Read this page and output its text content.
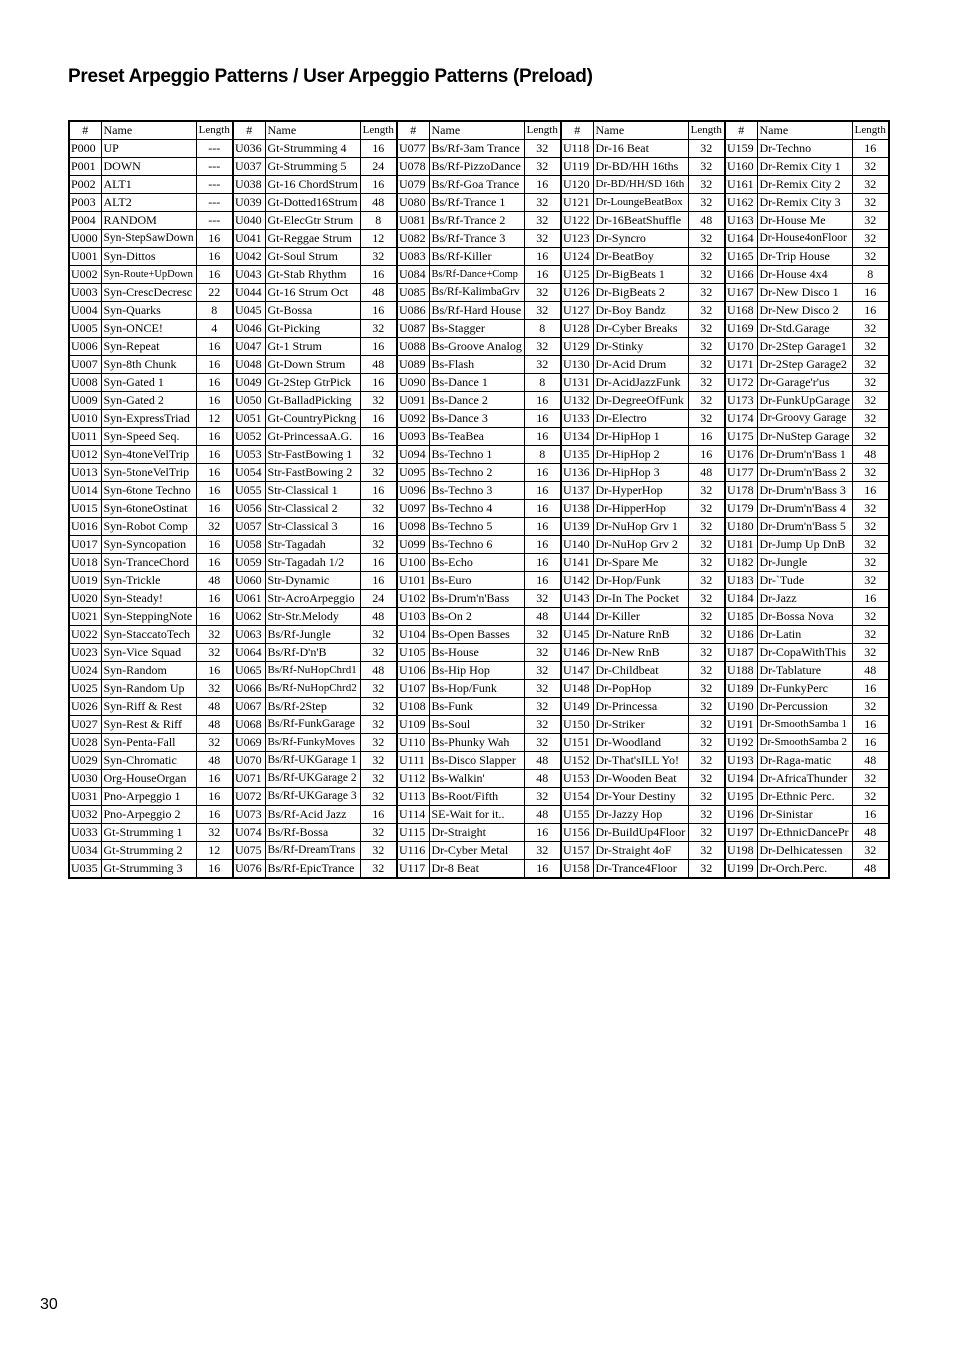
Preset Arpeggio Patterns / User Arpeggio Patterns (Preload)
#	Name	Length	#	Name	Length	#	Name	Length	#	Name	Length	#	Name	Length
P000	UP	---	U036	Gt-Strumming 4	16	U077	Bs/Rf-3am Trance	32	U118	Dr-16 Beat	32	U159	Dr-Techno	16
P001	DOWN	---	U037	Gt-Strumming 5	24	U078	Bs/Rf-PizzoDance	32	U119	Dr-BD/HH 16ths	32	U160	Dr-Remix City 1	32
P002	ALT1	---	U038	Gt-16 ChordStrum	16	U079	Bs/Rf-Goa Trance	16	U120	Dr-BD/HH/SD 16th	32	U161	Dr-Remix City 2	32
P003	ALT2	---	U039	Gt-Dotted16Strum	48	U080	Bs/Rf-Trance 1	32	U121	Dr-LoungeBeatBox	32	U162	Dr-Remix City 3	32
P004	RANDOM	---	U040	Gt-ElecGtr Strum	8	U081	Bs/Rf-Trance 2	32	U122	Dr-16BeatShuffle	48	U163	Dr-House Me	32
U000	Syn-StepSawDown	16	U041	Gt-Reggae Strum	12	U082	Bs/Rf-Trance 3	32	U123	Dr-Syncro	32	U164	Dr-House4onFloor	32
U001	Syn-Dittos	16	U042	Gt-Soul Strum	32	U083	Bs/Rf-Killer	16	U124	Dr-BeatBoy	32	U165	Dr-Trip House	32
U002	Syn-Route+UpDown	16	U043	Gt-Stab Rhythm	16	U084	Bs/Rf-Dance+Comp	16	U125	Dr-BigBeats 1	32	U166	Dr-House 4x4	8
U003	Syn-CrescDecresc	22	U044	Gt-16 Strum Oct	48	U085	Bs/Rf-KalimbaGrv	32	U126	Dr-BigBeats 2	32	U167	Dr-New Disco 1	16
U004	Syn-Quarks	8	U045	Gt-Bossa	16	U086	Bs/Rf-Hard House	32	U127	Dr-Boy Bandz	32	U168	Dr-New Disco 2	16
U005	Syn-ONCE!	4	U046	Gt-Picking	32	U087	Bs-Stagger	8	U128	Dr-Cyber Breaks	32	U169	Dr-Std.Garage	32
U006	Syn-Repeat	16	U047	Gt-1 Strum	16	U088	Bs-Groove Analog	32	U129	Dr-Stinky	32	U170	Dr-2Step Garage1	32
U007	Syn-8th Chunk	16	U048	Gt-Down Strum	48	U089	Bs-Flash	32	U130	Dr-Acid Drum	32	U171	Dr-2Step Garage2	32
U008	Syn-Gated 1	16	U049	Gt-2Step GtrPick	16	U090	Bs-Dance 1	8	U131	Dr-AcidJazzFunk	32	U172	Dr-Garage'r'us	32
U009	Syn-Gated 2	16	U050	Gt-BalladPicking	32	U091	Bs-Dance 2	16	U132	Dr-DegreeOfFunk	32	U173	Dr-FunkUpGarage	32
U010	Syn-ExpressTriad	12	U051	Gt-CountryPickng	16	U092	Bs-Dance 3	16	U133	Dr-Electro	32	U174	Dr-Groovy Garage	32
U011	Syn-Speed Seq.	16	U052	Gt-PrincessaA.G.	16	U093	Bs-TeaBea	16	U134	Dr-HipHop 1	16	U175	Dr-NuStep Garage	32
U012	Syn-4toneVelTrip	16	U053	Str-FastBowing 1	32	U094	Bs-Techno 1	8	U135	Dr-HipHop 2	16	U176	Dr-Drum'n'Bass 1	48
U013	Syn-5toneVelTrip	16	U054	Str-FastBowing 2	32	U095	Bs-Techno 2	16	U136	Dr-HipHop 3	48	U177	Dr-Drum'n'Bass 2	32
U014	Syn-6tone Techno	16	U055	Str-Classical 1	16	U096	Bs-Techno 3	16	U137	Dr-HyperHop	32	U178	Dr-Drum'n'Bass 3	16
U015	Syn-6toneOstinat	16	U056	Str-Classical 2	32	U097	Bs-Techno 4	16	U138	Dr-HipperHop	32	U179	Dr-Drum'n'Bass 4	32
U016	Syn-Robot Comp	32	U057	Str-Classical 3	16	U098	Bs-Techno 5	16	U139	Dr-NuHop Grv 1	32	U180	Dr-Drum'n'Bass 5	32
U017	Syn-Syncopation	16	U058	Str-Tagadah	32	U099	Bs-Techno 6	16	U140	Dr-NuHop Grv 2	32	U181	Dr-Jump Up DnB	32
U018	Syn-TranceChord	16	U059	Str-Tagadah 1/2	16	U100	Bs-Echo	16	U141	Dr-Spare Me	32	U182	Dr-Jungle	32
U019	Syn-Trickle	48	U060	Str-Dynamic	16	U101	Bs-Euro	16	U142	Dr-Hop/Funk	32	U183	Dr-`Tude	32
U020	Syn-Steady!	16	U061	Str-AcroArpeggio	24	U102	Bs-Drum'n'Bass	32	U143	Dr-In The Pocket	32	U184	Dr-Jazz	16
U021	Syn-SteppingNote	16	U062	Str-Str.Melody	48	U103	Bs-On 2	48	U144	Dr-Killer	32	U185	Dr-Bossa Nova	32
U022	Syn-StaccatoTech	32	U063	Bs/Rf-Jungle	32	U104	Bs-Open Basses	32	U145	Dr-Nature RnB	32	U186	Dr-Latin	32
U023	Syn-Vice Squad	32	U064	Bs/Rf-D'n'B	32	U105	Bs-House	32	U146	Dr-New RnB	32	U187	Dr-CopaWithThis	32
U024	Syn-Random	16	U065	Bs/Rf-NuHopChrd1	48	U106	Bs-Hip Hop	32	U147	Dr-Childbeat	32	U188	Dr-Tablature	48
U025	Syn-Random Up	32	U066	Bs/Rf-NuHopChrd2	32	U107	Bs-Hop/Funk	32	U148	Dr-PopHop	32	U189	Dr-FunkyPerc	16
U026	Syn-Riff & Rest	48	U067	Bs/Rf-2Step	32	U108	Bs-Funk	32	U149	Dr-Princessa	32	U190	Dr-Percussion	32
U027	Syn-Rest & Riff	48	U068	Bs/Rf-FunkGarage	32	U109	Bs-Soul	32	U150	Dr-Striker	32	U191	Dr-SmoothSamba 1	16
U028	Syn-Penta-Fall	32	U069	Bs/Rf-FunkyMoves	32	U110	Bs-Phunky Wah	32	U151	Dr-Woodland	32	U192	Dr-SmoothSamba 2	16
U029	Syn-Chromatic	48	U070	Bs/Rf-UKGarage 1	32	U111	Bs-Disco Slapper	48	U152	Dr-That'sILL Yo!	32	U193	Dr-Raga-matic	48
U030	Org-HouseOrgan	16	U071	Bs/Rf-UKGarage 2	32	U112	Bs-Walkin'	48	U153	Dr-Wooden Beat	32	U194	Dr-AfricaThunder	32
U031	Pno-Arpeggio 1	16	U072	Bs/Rf-UKGarage 3	32	U113	Bs-Root/Fifth	32	U154	Dr-Your Destiny	32	U195	Dr-Ethnic Perc.	32
U032	Pno-Arpeggio 2	16	U073	Bs/Rf-Acid Jazz	16	U114	SE-Wait for it..	48	U155	Dr-Jazzy Hop	32	U196	Dr-Sinistar	16
U033	Gt-Strumming 1	32	U074	Bs/Rf-Bossa	32	U115	Dr-Straight	16	U156	Dr-BuildUp4Floor	32	U197	Dr-EthnicDancePr	48
U034	Gt-Strumming 2	12	U075	Bs/Rf-DreamTrans	32	U116	Dr-Cyber Metal	32	U157	Dr-Straight 4oF	32	U198	Dr-Delhicatessen	32
U035	Gt-Strumming 3	16	U076	Bs/Rf-EpicTrance	32	U117	Dr-8 Beat	16	U158	Dr-Trance4Floor	32	U199	Dr-Orch.Perc.	48
30
